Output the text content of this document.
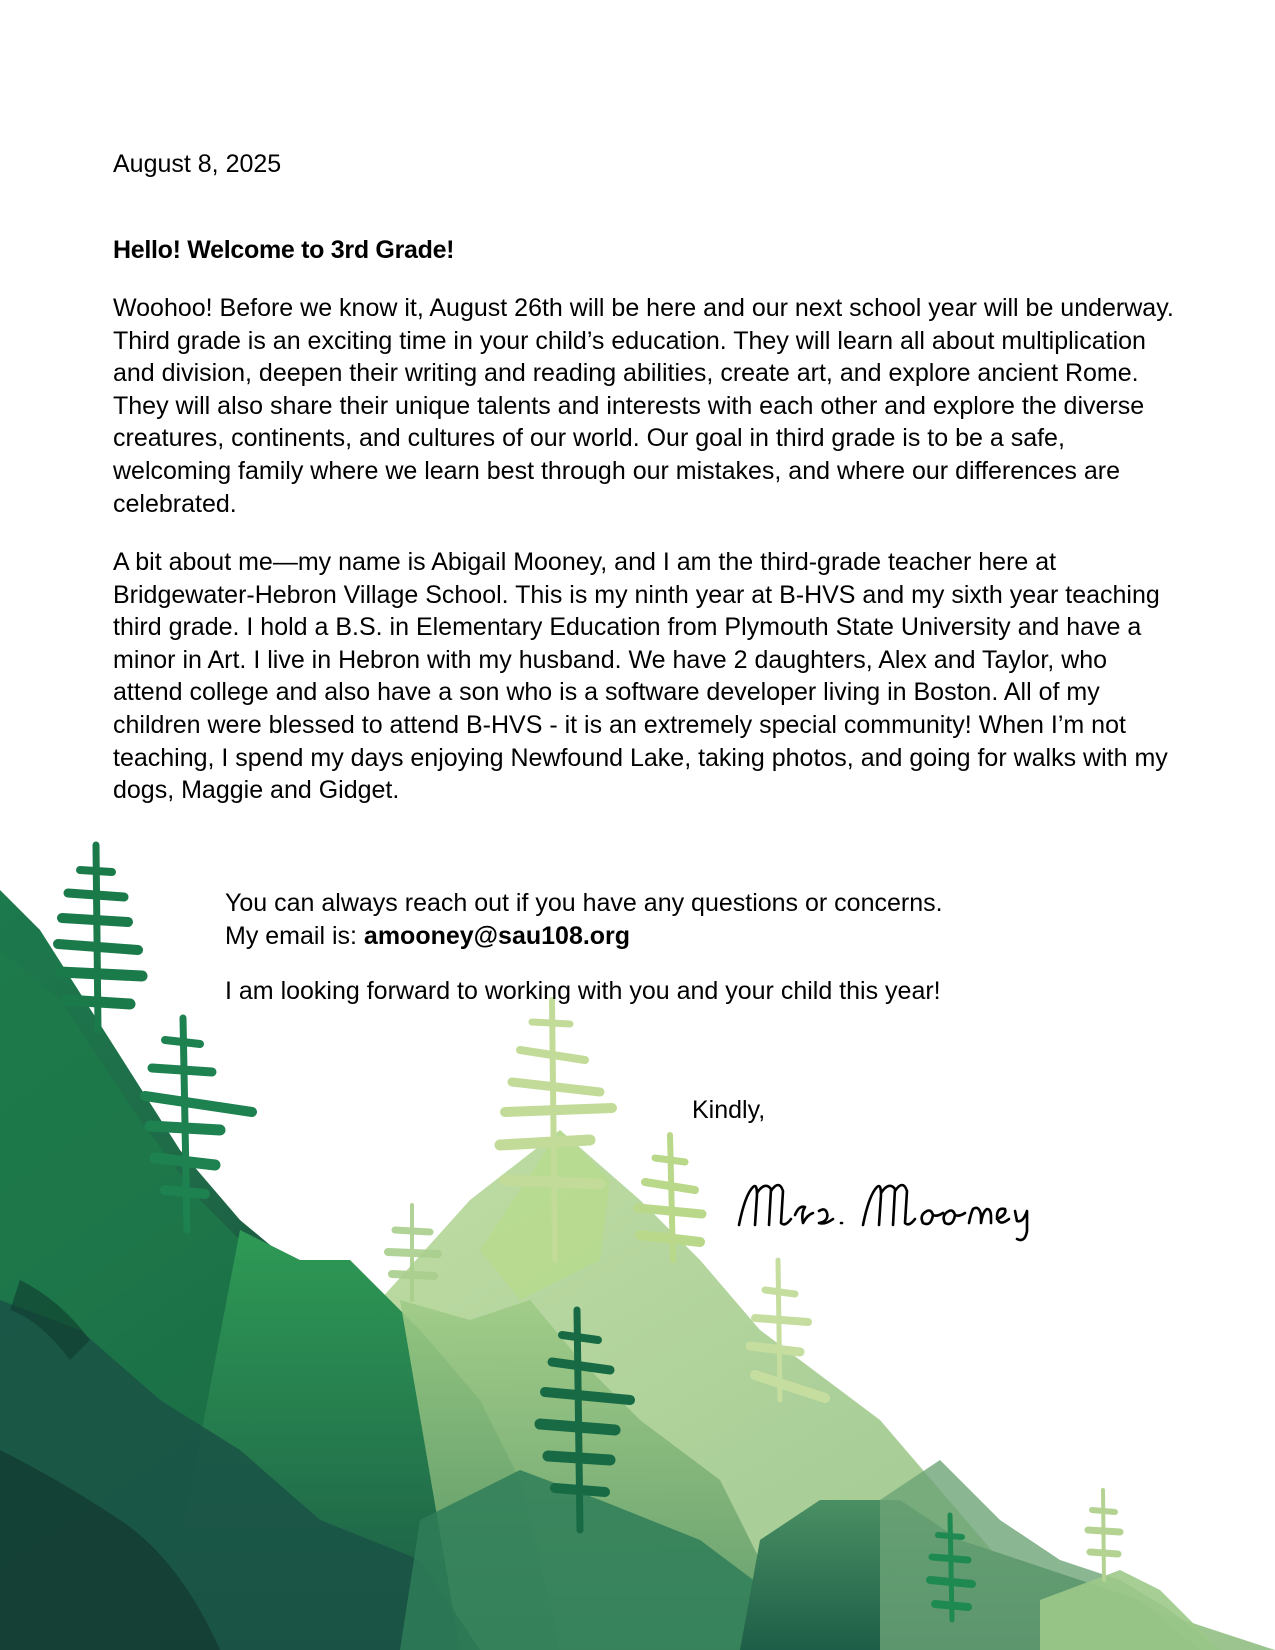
August 8, 2025
Hello! Welcome to 3rd Grade!
Woohoo! Before we know it, August 26th will be here and our next school year will be underway. Third grade is an exciting time in your child’s education. They will learn all about multiplication and division, deepen their writing and reading abilities, create art, and explore ancient Rome. They will also share their unique talents and interests with each other and explore the diverse creatures, continents, and cultures of our world. Our goal in third grade is to be a safe, welcoming family where we learn best through our mistakes, and where our differences are celebrated.
A bit about me—my name is Abigail Mooney, and I am the third-grade teacher here at Bridgewater-Hebron Village School. This is my ninth year at B-HVS and my sixth year teaching third grade. I hold a B.S. in Elementary Education from Plymouth State University and have a minor in Art. I live in Hebron with my husband. We have 2 daughters, Alex and Taylor, who attend college and also have a son who is a software developer living in Boston. All of my children were blessed to attend B-HVS - it is an extremely special community! When I’m not teaching, I spend my days enjoying Newfound Lake, taking photos, and going for walks with my dogs, Maggie and Gidget.
You can always reach out if you have any questions or concerns.
My email is: amooney@sau108.org
I am looking forward to working with you and your child this year!
Kindly,
